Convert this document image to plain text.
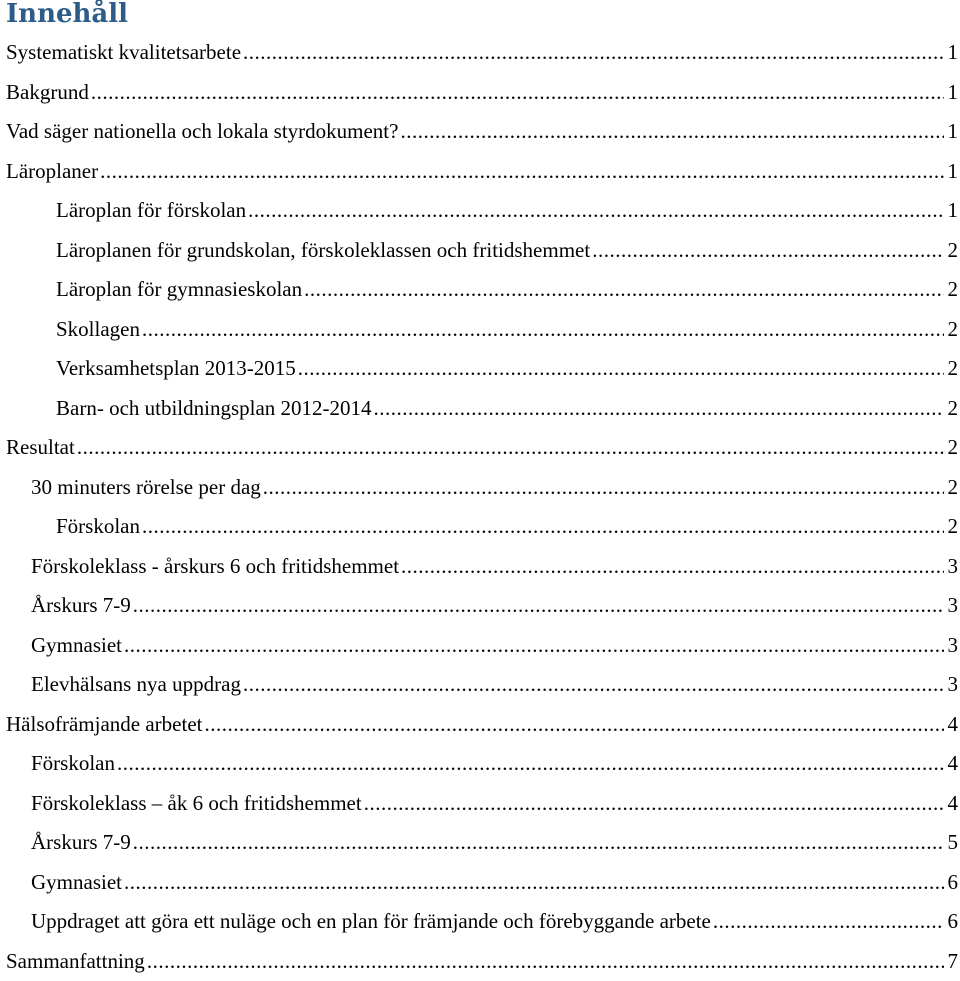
Innehåll
Systematiskt kvalitetsarbete .....	1
Bakgrund .....	1
Vad säger nationella och lokala styrdokument? .....	1
Läroplaner .....	1
Läroplan för förskolan .....	1
Läroplanen för grundskolan, förskoleklassen och fritidshemmet .....	2
Läroplan för gymnasieskolan .....	2
Skollagen .....	2
Verksamhetsplan 2013-2015 .....	2
Barn- och utbildningsplan 2012-2014 .....	2
Resultat .....	2
30 minuters rörelse per dag .....	2
Förskolan .....	2
Förskoleklass - årskurs 6 och fritidshemmet .....	3
Årskurs 7-9 .....	3
Gymnasiet .....	3
Elevhälsans nya uppdrag .....	3
Hälsofrämjande arbetet .....	4
Förskolan .....	4
Förskoleklass – åk 6 och fritidshemmet .....	4
Årskurs 7-9 .....	5
Gymnasiet .....	6
Uppdraget att göra ett nuläge och en plan för främjande och förebyggande arbete .....	6
Sammanfattning .....	7
